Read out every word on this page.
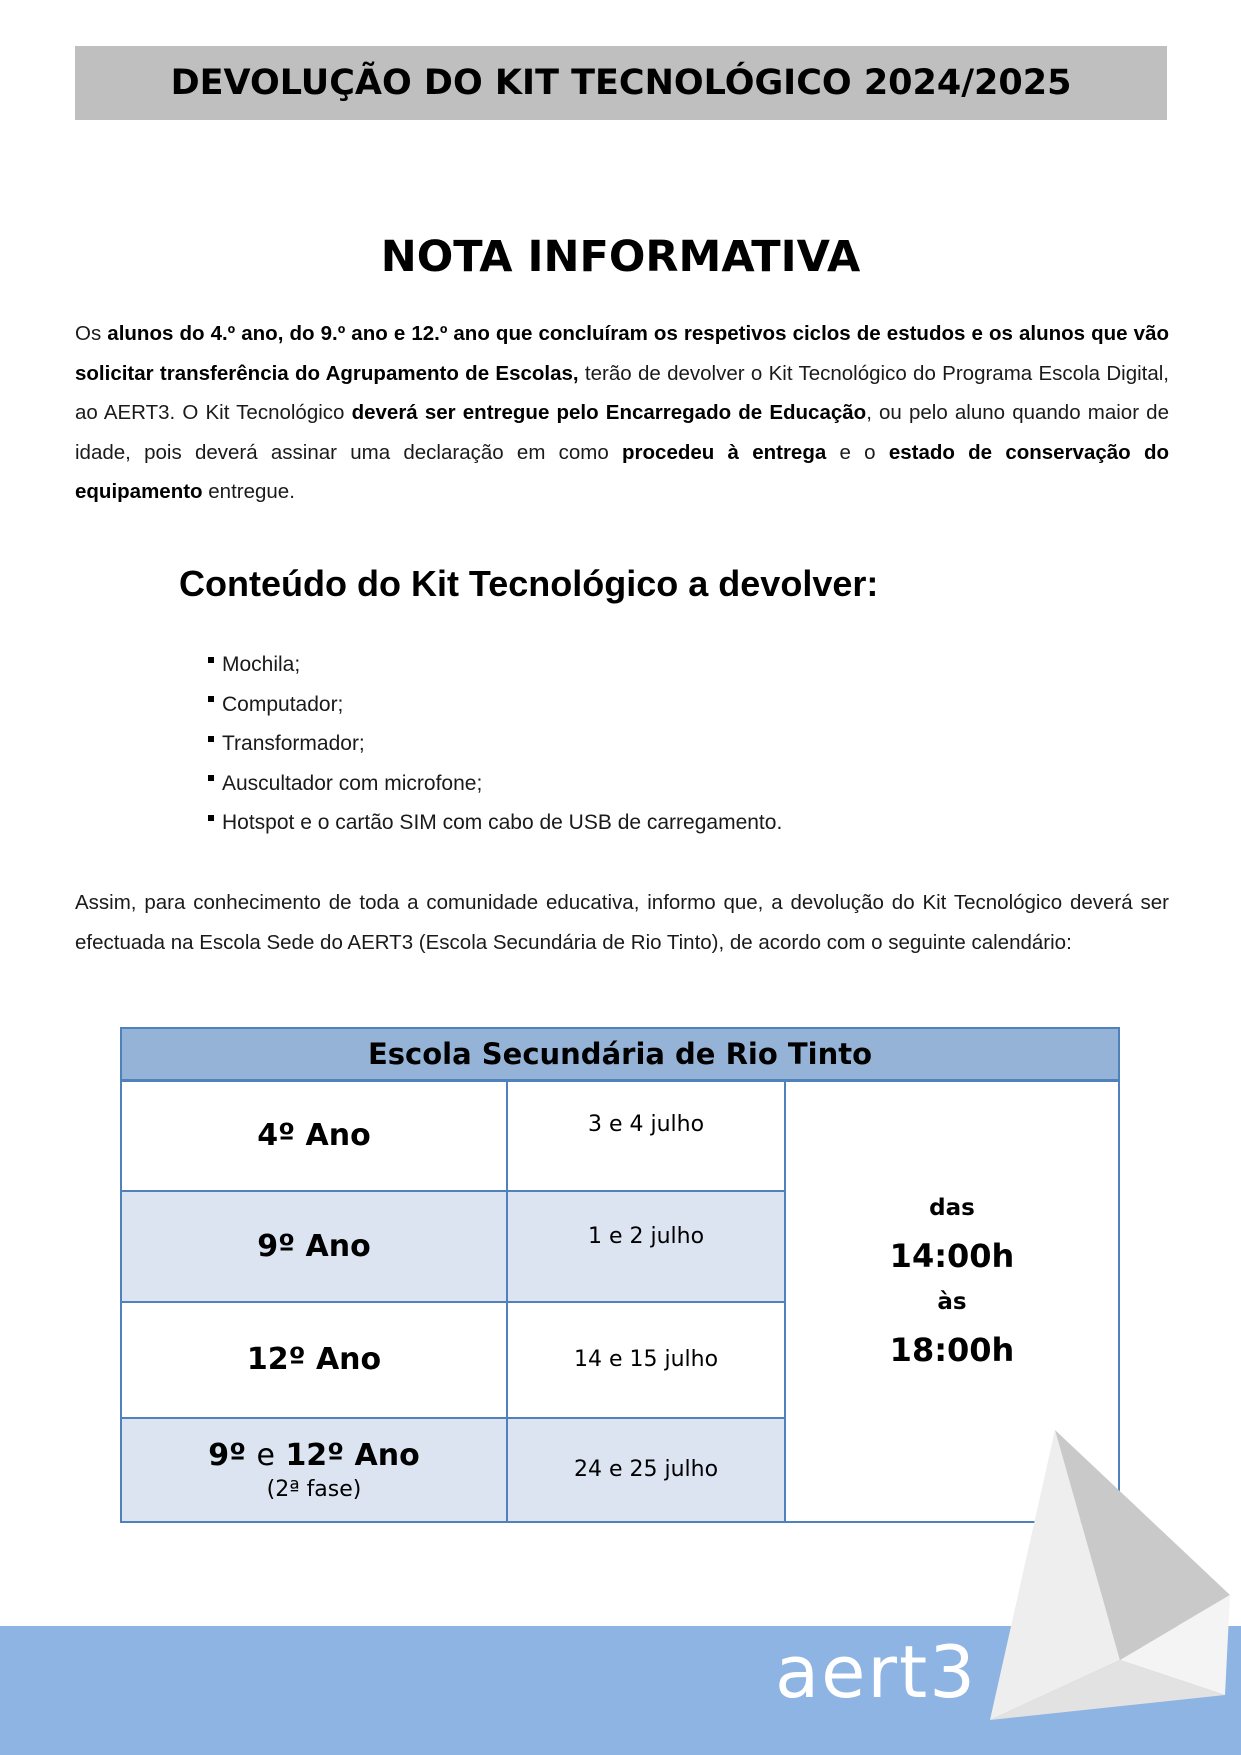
DEVOLUÇÃO DO KIT TECNOLÓGICO 2024/2025
NOTA INFORMATIVA
Os alunos do 4.º ano, do 9.º ano e 12.º ano que concluíram os respetivos ciclos de estudos e os alunos que vão solicitar transferência do Agrupamento de Escolas, terão de devolver o Kit Tecnológico do Programa Escola Digital, ao AERT3. O Kit Tecnológico deverá ser entregue pelo Encarregado de Educação, ou pelo aluno quando maior de idade, pois deverá assinar uma declaração em como procedeu à entrega e o estado de conservação do equipamento entregue.
Conteúdo do Kit Tecnológico a devolver:
Mochila;
Computador;
Transformador;
Auscultador com microfone;
Hotspot e o cartão SIM com cabo de USB de carregamento.
Assim, para conhecimento de toda a comunidade educativa, informo que, a devolução do Kit Tecnológico deverá ser efectuada na Escola Sede do AERT3 (Escola Secundária de Rio Tinto), de acordo com o seguinte calendário:
Escola Secundária de Rio Tinto		
4º Ano	3 e 4 julho	das
14:00h
às
18:00h

9º Ano	1 e 2 julho	
12º Ano	14 e 15 julho	
9º e 12º Ano
(2ª fase)	24 e 25 julho	
aert3
